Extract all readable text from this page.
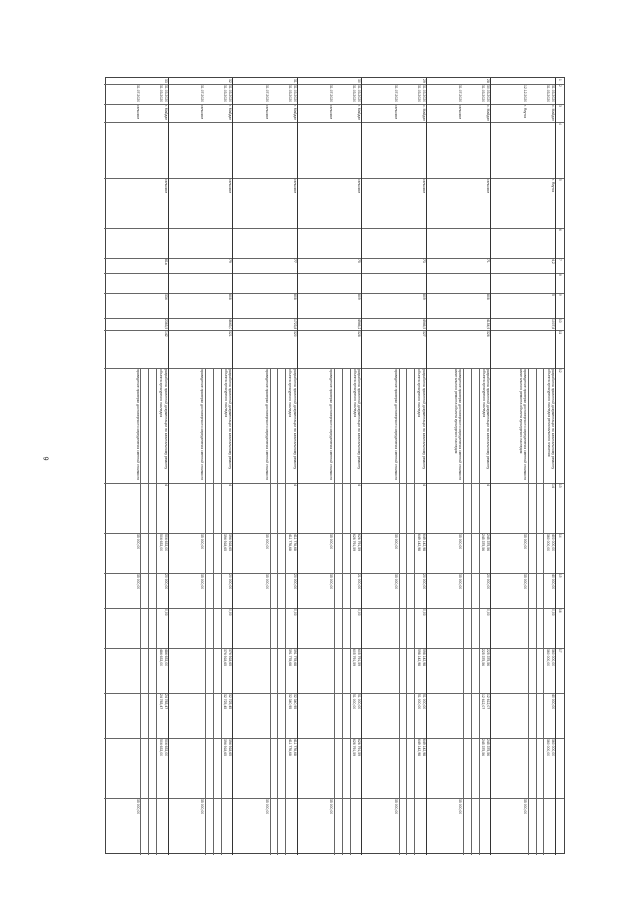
6
1
2
3
4
5
6
7
8
9
10
11
12
13
14
15
16
17
31.03.2020
31.03.2020
12.12.2020
с. Майдан
г. Якутск
г. Якутск
4,2
5
1007,8
разработка проектной документации по капитальному ремонту объекта культурного наследия регионального значения
проведение проверки достоверности определения сметной стоимости капитального ремонта объекта культурного наследия
14
400 000,00
40 000,00
0,00
360 000,00
40 000,00
360 000,00
360 000,00
360 000,00
360 000,00
35 000,00
35 000,00
35 000,00
28
30.03.2020
31.03.2020
31.07.2020
с. Майдан
сельское
сельское
71
808
4154,9
326
разработка проектной документации по капитальному ремонту объекта культурного наследия
проведение проверки достоверности определения сметной стоимости капитального ремонта объекта культурного наследия
4
245 375,56
20 000,00
0,00
225 375,56
12 612,07
245 375,56
245 375,56
225 375,56
12 612,07
245 375,56
35 000,00
35 000,00
35 000,00
29
31.03.2020
31.03.2020
31.07.2020
с. Майдан
сельское
сельское
73
809
4946,5
327
разработка проектной документации по капитальному ремонту объекта культурного наследия
проведение проверки достоверности определения сметной стоимости
4
649 142,98
20 000,00
0,00
598 142,98
51 000,00
649 142,98
649 142,98
598 142,98
51 000,00
649 142,98
35 000,00
35 000,00
35 000,00
30
31.03.2020
31.03.2020
31.07.2020
г. Майдан
сельское
сельское
75
809
4946,2
328
разработка проектной документации по капитальному ремонту объекта культурного наследия
проведение проверки достоверности определения сметной стоимости
4
626 791,59
21 000,00
0,00
605 791,59
51 000,00
626 791,59
626 791,59
605 791,59
51 000,00
626 791,59
35 000,00
35 000,00
35 000,00
31
31.03.2020
31.03.2020
31.07.2020
г. Майдан
сельское
сельское
77
808
1723,8
320
разработка проектной документации по капитальному ремонту объекта культурного наследия
проведение проверки достоверности определения сметной стоимости
4
411 778,68
20 000,00
0,00
391 778,68
32 340,95
411 778,68
411 778,68
391 778,68
32 340,95
411 778,68
35 000,00
35 000,00
35 000,00
32
31.03.2020
31.03.2020
31.07.2020
г. Майдан
сельское
сельское
79
808
4643,0
321
разработка проектной документации по капитальному ремонту объекта культурного наследия
проведение проверки достоверности определения сметной стоимости
4
394 918,65
20 000,00
0,00
374 918,65
32 725,45
394 918,65
394 918,65
374 918,65
32 725,45
394 918,65
35 000,00
35 000,00
35 000,00
33
31.03.2020
31.03.2020
31.07.2020
г. Майдан
сельское
сельское
81а
334
2363,5
142
разработка проектной документации по капитальному ремонту объекта культурного наследия
проведение проверки достоверности определения сметной стоимости
4
504 633,00
20 000,00
0,00
484 633,00
24 783,47
504 633,00
504 633,00
484 633,00
24 783,47
504 633,00
35 000,00
35 000,00
35 000,00
